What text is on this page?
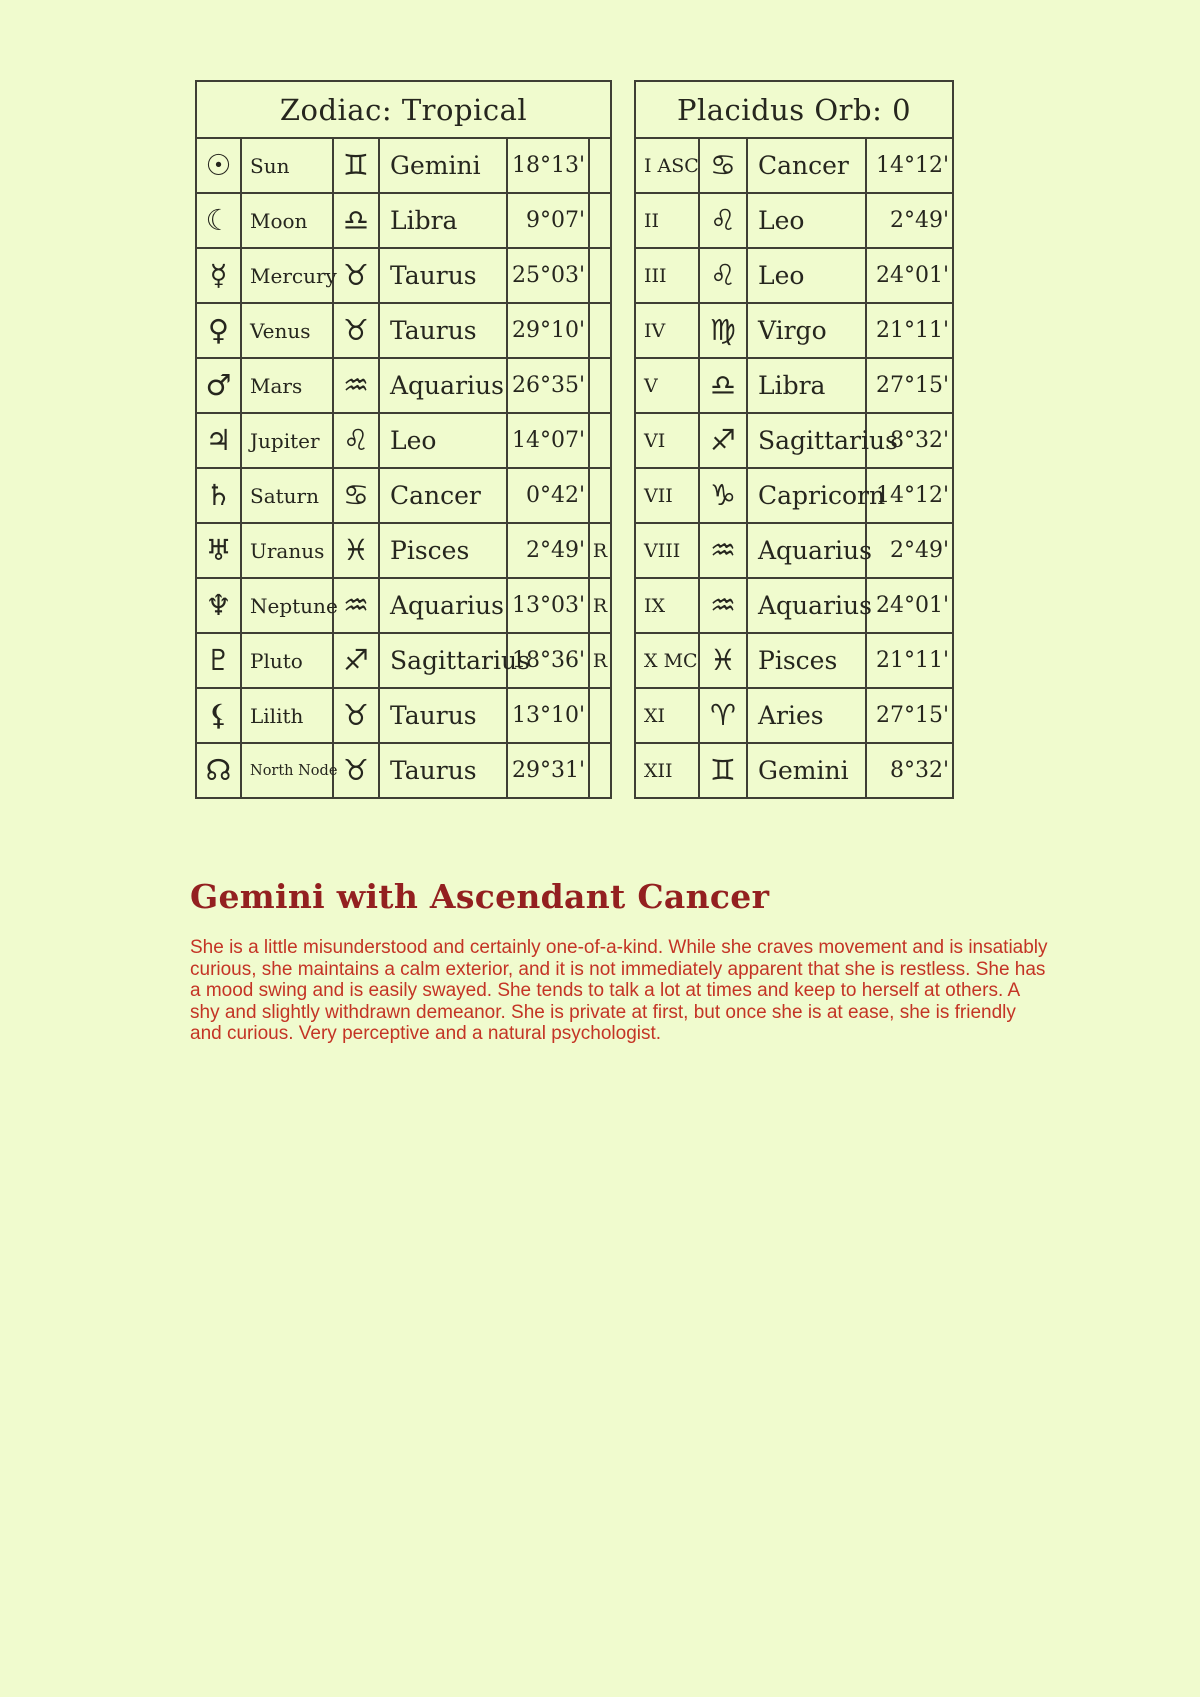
Zodiac: Tropical					
☉	Sun	♊	Gemini	18°13'	
☾	Moon	♎	Libra	9°07'	
☿	Mercury	♉	Taurus	25°03'	
♀	Venus	♉	Taurus	29°10'	
♂	Mars	♒	Aquarius	26°35'	
♃	Jupiter	♌	Leo	14°07'	
♄	Saturn	♋	Cancer	0°42'	
♅	Uranus	♓	Pisces	2°49'	R
♆	Neptune	♒	Aquarius	13°03'	R
♇	Pluto	♐	Sagittarius	18°36'	R
⚸	Lilith	♉	Taurus	13°10'	
☊	North Node	♉	Taurus	29°31'	
Placidus Orb: 0			
I ASC	♋	Cancer	14°12'
II	♌	Leo	2°49'
III	♌	Leo	24°01'
IV	♍	Virgo	21°11'
V	♎	Libra	27°15'
VI	♐	Sagittarius	8°32'
VII	♑	Capricorn	14°12'
VIII	♒	Aquarius	2°49'
IX	♒	Aquarius	24°01'
X MC	♓	Pisces	21°11'
XI	♈	Aries	27°15'
XII	♊	Gemini	8°32'
Gemini with Ascendant Cancer

She is a little misunderstood and certainly one-of-a-kind. While she craves movement and is insatiably curious, she maintains a calm exterior, and it is not immediately apparent that she is restless. She has a mood swing and is easily swayed. She tends to talk a lot at times and keep to herself at others. A shy and slightly withdrawn demeanor. She is private at first, but once she is at ease, she is friendly and curious. Very perceptive and a natural psychologist.
